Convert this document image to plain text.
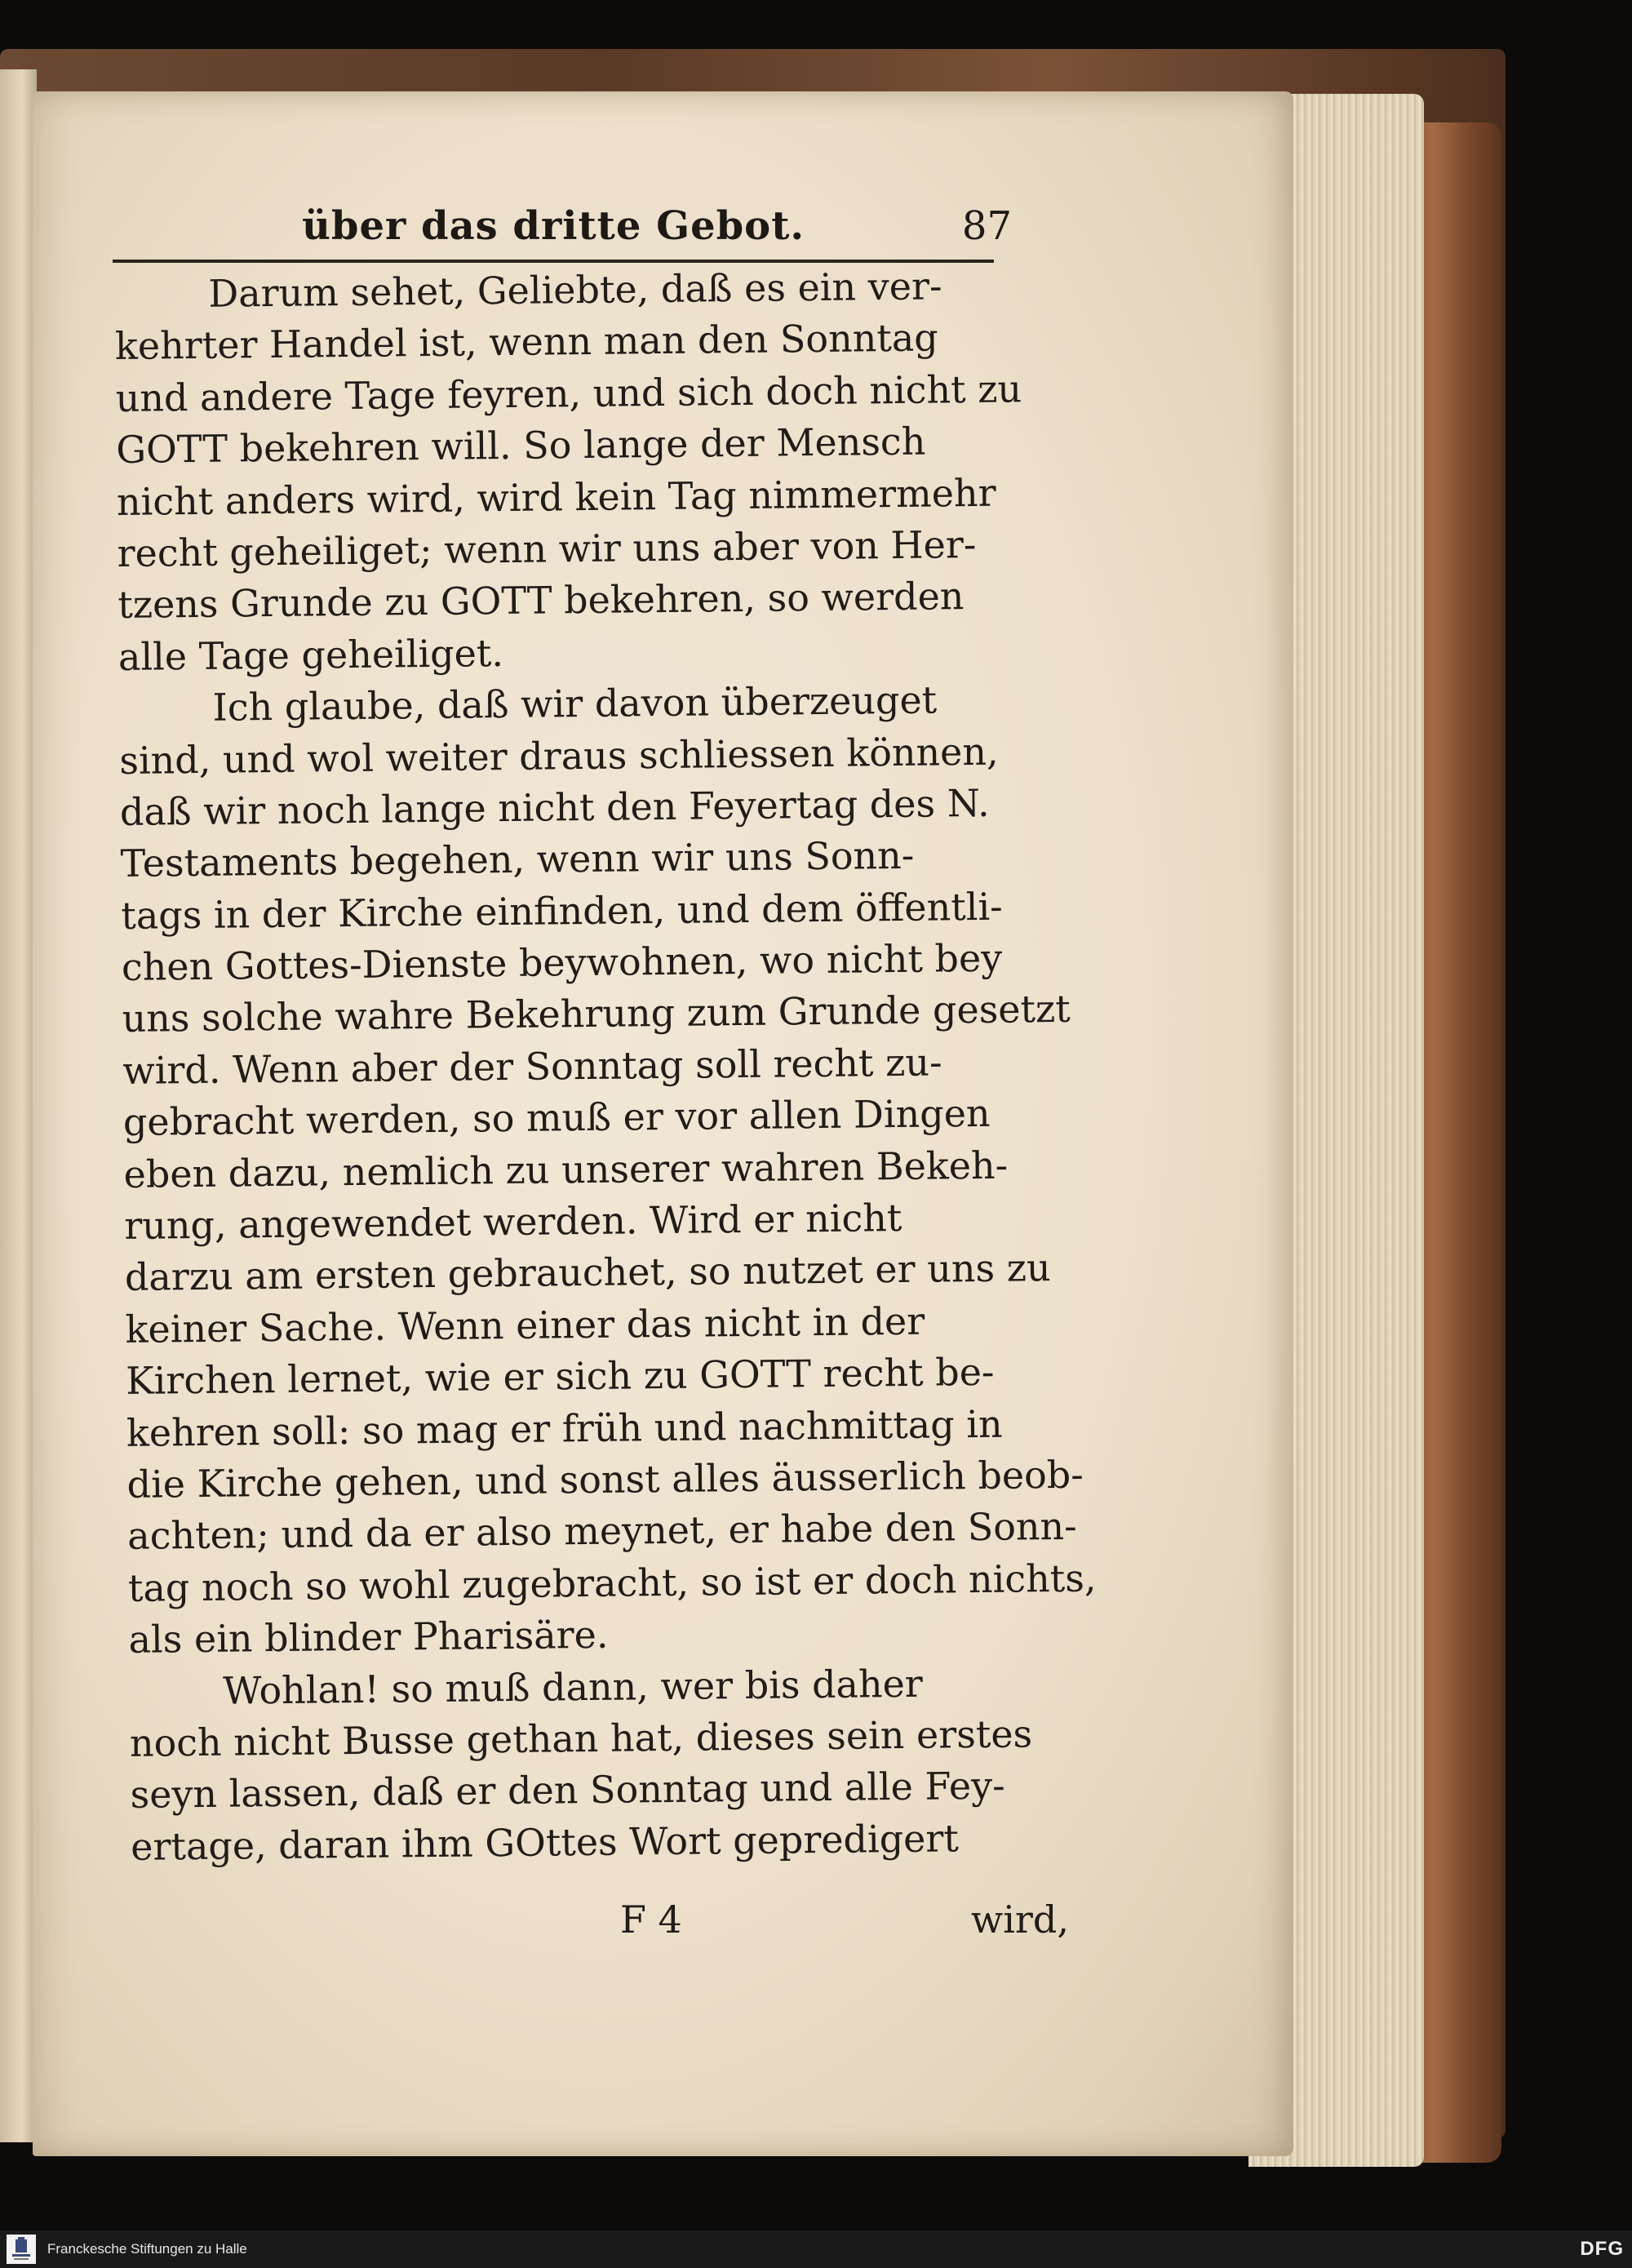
über das dritte Gebot.	87
Darum sehet, Geliebte, daß es ein ver-
kehrter Handel ist, wenn man den Sonntag
und andere Tage feyren, und sich doch nicht zu
GOTT bekehren will. So lange der Mensch
nicht anders wird, wird kein Tag nimmermehr
recht geheiliget; wenn wir uns aber von Her-
tzens Grunde zu GOTT bekehren, so werden
alle Tage geheiliget.
Ich glaube, daß wir davon überzeuget
sind, und wol weiter draus schliessen können,
daß wir noch lange nicht den Feyertag des N.
Testaments begehen, wenn wir uns Sonn-
tags in der Kirche einfinden, und dem öffentli-
chen Gottes-Dienste beywohnen, wo nicht bey
uns solche wahre Bekehrung zum Grunde gesetzt
wird. Wenn aber der Sonntag soll recht zu-
gebracht werden, so muß er vor allen Dingen
eben dazu, nemlich zu unserer wahren Bekeh-
rung, angewendet werden. Wird er nicht
darzu am ersten gebrauchet, so nutzet er uns zu
keiner Sache. Wenn einer das nicht in der
Kirchen lernet, wie er sich zu GOTT recht be-
kehren soll: so mag er früh und nachmittag in
die Kirche gehen, und sonst alles äusserlich beob-
achten; und da er also meynet, er habe den Sonn-
tag noch so wohl zugebracht, so ist er doch nichts,
als ein blinder Pharisäre.
Wohlan! so muß dann, wer bis daher
noch nicht Busse gethan hat, dieses sein erstes
seyn lassen, daß er den Sonntag und alle Fey-
ertage, daran ihm GOttes Wort gepredigert
F 4	wird,
Franckesche Stiftungen zu Halle	DFG
